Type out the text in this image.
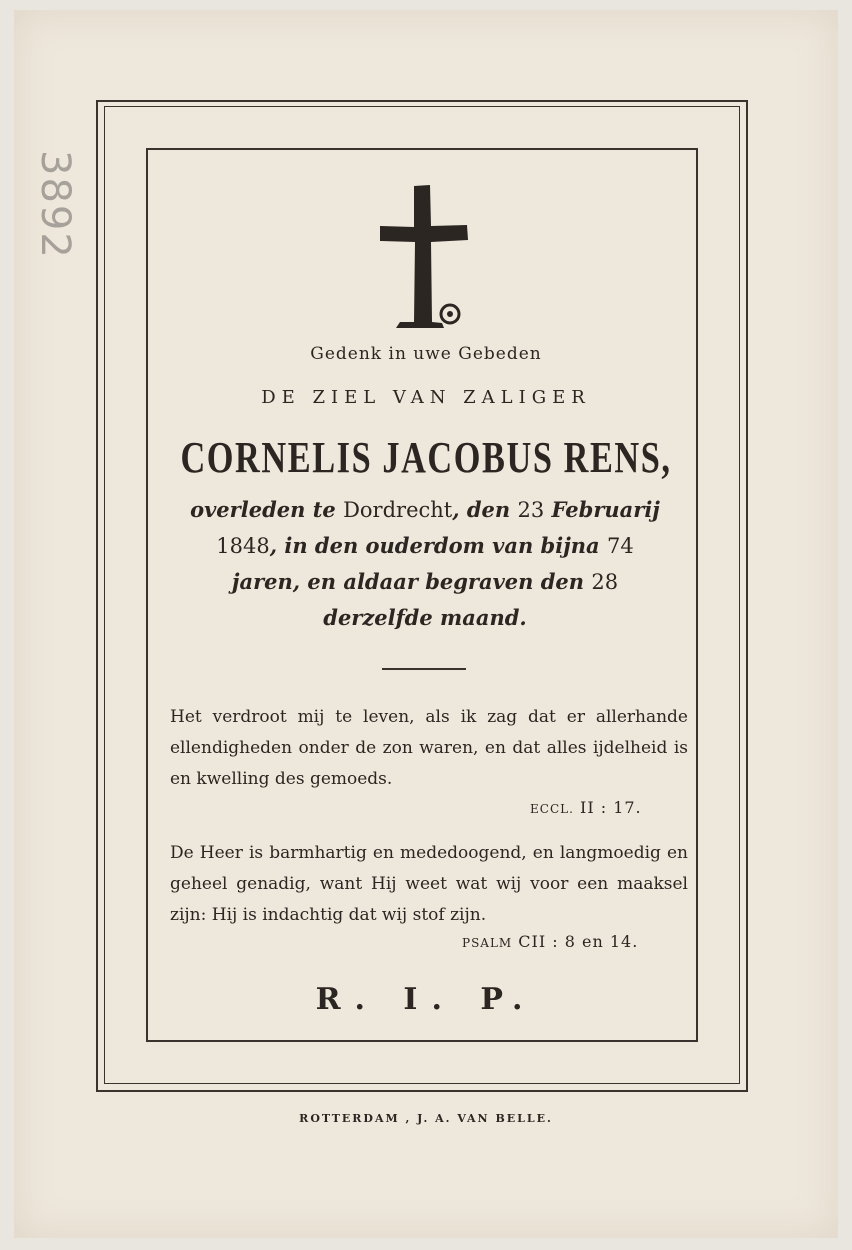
3892
Gedenk in uwe Gebeden
DE ZIEL VAN ZALIGER
CORNELIS JACOBUS RENS,
overleden te Dordrecht, den 23 Februarij
1848, in den ouderdom van bijna 74
jaren, en aldaar begraven den 28
derzelfde maand.
Het verdroot mij te leven, als ik zag dat er allerhande ellendigheden onder de zon waren, en dat alles ijdelheid is en kwelling des gemoeds.
ECCL. II : 17.
De Heer is barmhartig en mededoogend, en langmoedig en geheel genadig, want Hij weet wat wij voor een maaksel zijn: Hij is indachtig dat wij stof zijn.
PSALM CII : 8 en 14.
R. I. P.
ROTTERDAM , J. A. VAN BELLE.
